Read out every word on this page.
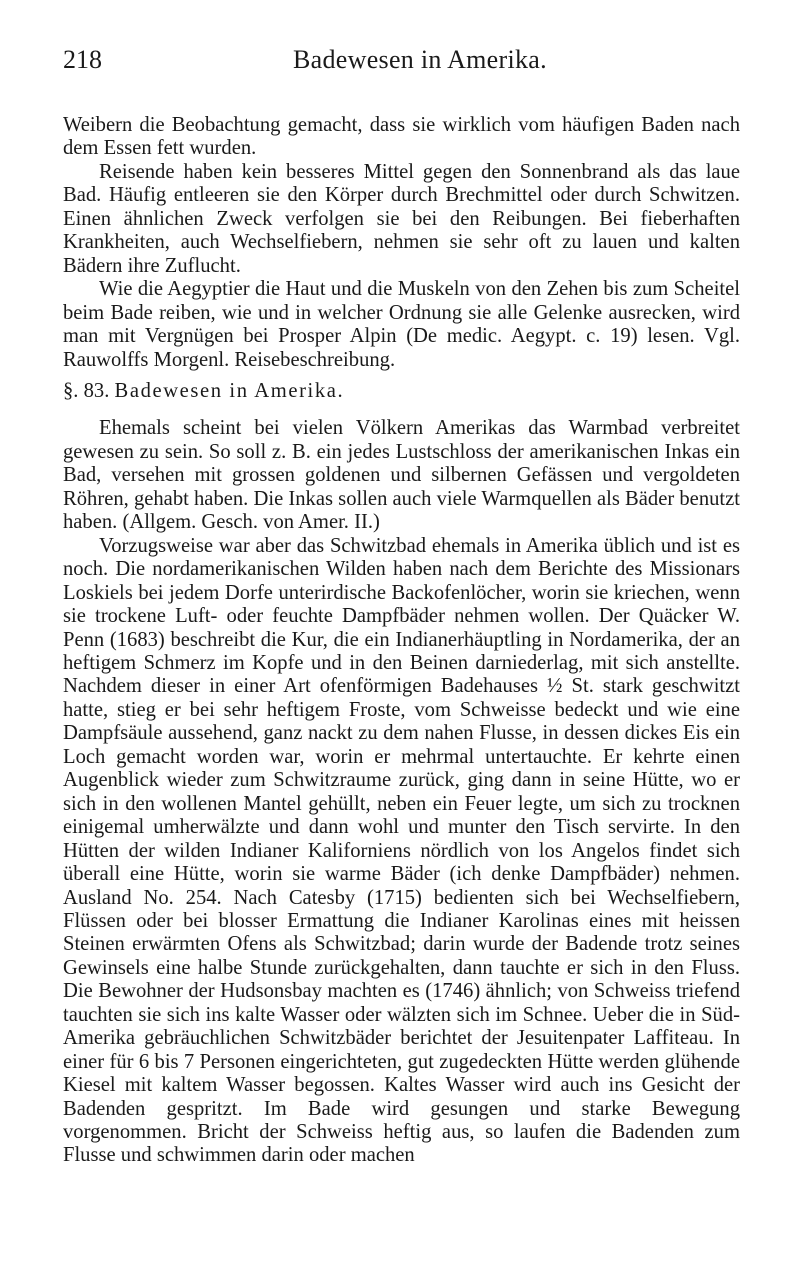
218	Badewesen in Amerika.

Weibern die Beobachtung gemacht, dass sie wirklich vom häufigen Baden nach dem Essen fett wurden.

Reisende haben kein besseres Mittel gegen den Sonnenbrand als das laue Bad. Häufig entleeren sie den Körper durch Brechmittel oder durch Schwitzen. Einen ähnlichen Zweck verfolgen sie bei den Reibungen. Bei fieberhaften Krankheiten, auch Wechselfiebern, nehmen sie sehr oft zu lauen und kalten Bädern ihre Zuflucht.

Wie die Aegyptier die Haut und die Muskeln von den Zehen bis zum Scheitel beim Bade reiben, wie und in welcher Ordnung sie alle Gelenke ausrecken, wird man mit Vergnügen bei Prosper Alpin (De medic. Aegypt. c. 19) lesen. Vgl. Rauwolffs Morgenl. Reisebeschreibung.

§. 83. Badewesen in Amerika.

Ehemals scheint bei vielen Völkern Amerikas das Warmbad verbreitet gewesen zu sein. So soll z. B. ein jedes Lustschloss der amerikanischen Inkas ein Bad, versehen mit grossen goldenen und silbernen Gefässen und vergoldeten Röhren, gehabt haben. Die Inkas sollen auch viele Warmquellen als Bäder benutzt haben. (Allgem. Gesch. von Amer. II.)

Vorzugsweise war aber das Schwitzbad ehemals in Amerika üblich und ist es noch. Die nordamerikanischen Wilden haben nach dem Berichte des Missionars Loskiels bei jedem Dorfe unterirdische Backofenlöcher, worin sie kriechen, wenn sie trockene Luft- oder feuchte Dampfbäder nehmen wollen. Der Quäcker W. Penn (1683) beschreibt die Kur, die ein Indianerhäuptling in Nordamerika, der an heftigem Schmerz im Kopfe und in den Beinen darniederlag, mit sich anstellte. Nachdem dieser in einer Art ofenförmigen Badehauses ½ St. stark geschwitzt hatte, stieg er bei sehr heftigem Froste, vom Schweisse bedeckt und wie eine Dampfsäule aussehend, ganz nackt zu dem nahen Flusse, in dessen dickes Eis ein Loch gemacht worden war, worin er mehrmal untertauchte. Er kehrte einen Augenblick wieder zum Schwitzraume zurück, ging dann in seine Hütte, wo er sich in den wollenen Mantel gehüllt, neben ein Feuer legte, um sich zu trocknen einigemal umherwälzte und dann wohl und munter den Tisch servirte. In den Hütten der wilden Indianer Kaliforniens nördlich von los Angelos findet sich überall eine Hütte, worin sie warme Bäder (ich denke Dampfbäder) nehmen. Ausland No. 254. Nach Catesby (1715) bedienten sich bei Wechselfiebern, Flüssen oder bei blosser Ermattung die Indianer Karolinas eines mit heissen Steinen erwärmten Ofens als Schwitzbad; darin wurde der Badende trotz seines Gewinsels eine halbe Stunde zurückgehalten, dann tauchte er sich in den Fluss. Die Bewohner der Hudsonsbay machten es (1746) ähnlich; von Schweiss triefend tauchten sie sich ins kalte Wasser oder wälzten sich im Schnee. Ueber die in Süd-Amerika gebräuchlichen Schwitzbäder berichtet der Jesuitenpater Laffiteau. In einer für 6 bis 7 Personen eingerichteten, gut zugedeckten Hütte werden glühende Kiesel mit kaltem Wasser begossen. Kaltes Wasser wird auch ins Gesicht der Badenden gespritzt. Im Bade wird gesungen und starke Bewegung vorgenommen. Bricht der Schweiss heftig aus, so laufen die Badenden zum Flusse und schwimmen darin oder machen
